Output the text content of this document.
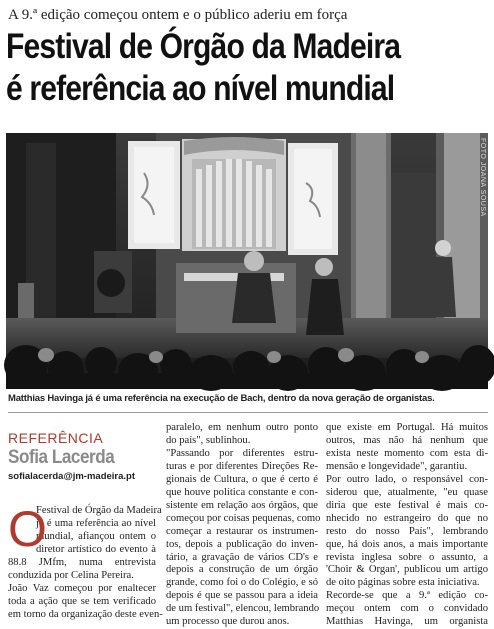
A 9.ª edição começou ontem e o público aderiu em força
Festival de Órgão da Madeira
é referência ao nível mundial
FOTO JOANA SOUSA
Matthias Havinga já é uma referência na execução de Bach, dentro da nova geração de organistas.
REFERÊNCIA
Sofia Lacerda
sofialacerda@jm-madeira.pt
O
Festival de Órgão da Madeira
já é uma referência ao nível
mundial, afiançou ontem o
diretor artístico do evento à
88.8 JMfm, numa entrevista
conduzida por Celina Pereira.
João Vaz começou por enaltecer
toda a ação que se tem verificado
em torno da organização deste even-
paralelo, em nenhum outro ponto
do país", sublinhou.
"Passando por diferentes estru-
turas e por diferentes Direções Re-
gionais de Cultura, o que é certo é
que houve política constante e con-
sistente em relação aos órgãos, que
começou por coisas pequenas, como
começar a restaurar os instrumen-
tos, depois a publicação do inven-
tário, a gravação de vários CD's e
depois a construção de um órgão
grande, como foi o do Colégio, e só
depois é que se passou para a ideia
de um festival", elencou, lembrando
um processo que durou anos.
que existe em Portugal. Há muitos
outros, mas não há nenhum que
exista neste momento com esta di-
mensão e longevidade", garantiu.
Por outro lado, o responsável con-
siderou que, atualmente, "eu quase
diria que este festival é mais co-
nhecido no estrangeiro do que no
resto do nosso País", lembrando
que, há dois anos, a mais importante
revista inglesa sobre o assunto, a
'Choir & Organ', publicou um artigo
de oito páginas sobre esta iniciativa.
Recorde-se que a 9.ª edição co-
meçou ontem com o convidado
Matthias Havinga, um organista
